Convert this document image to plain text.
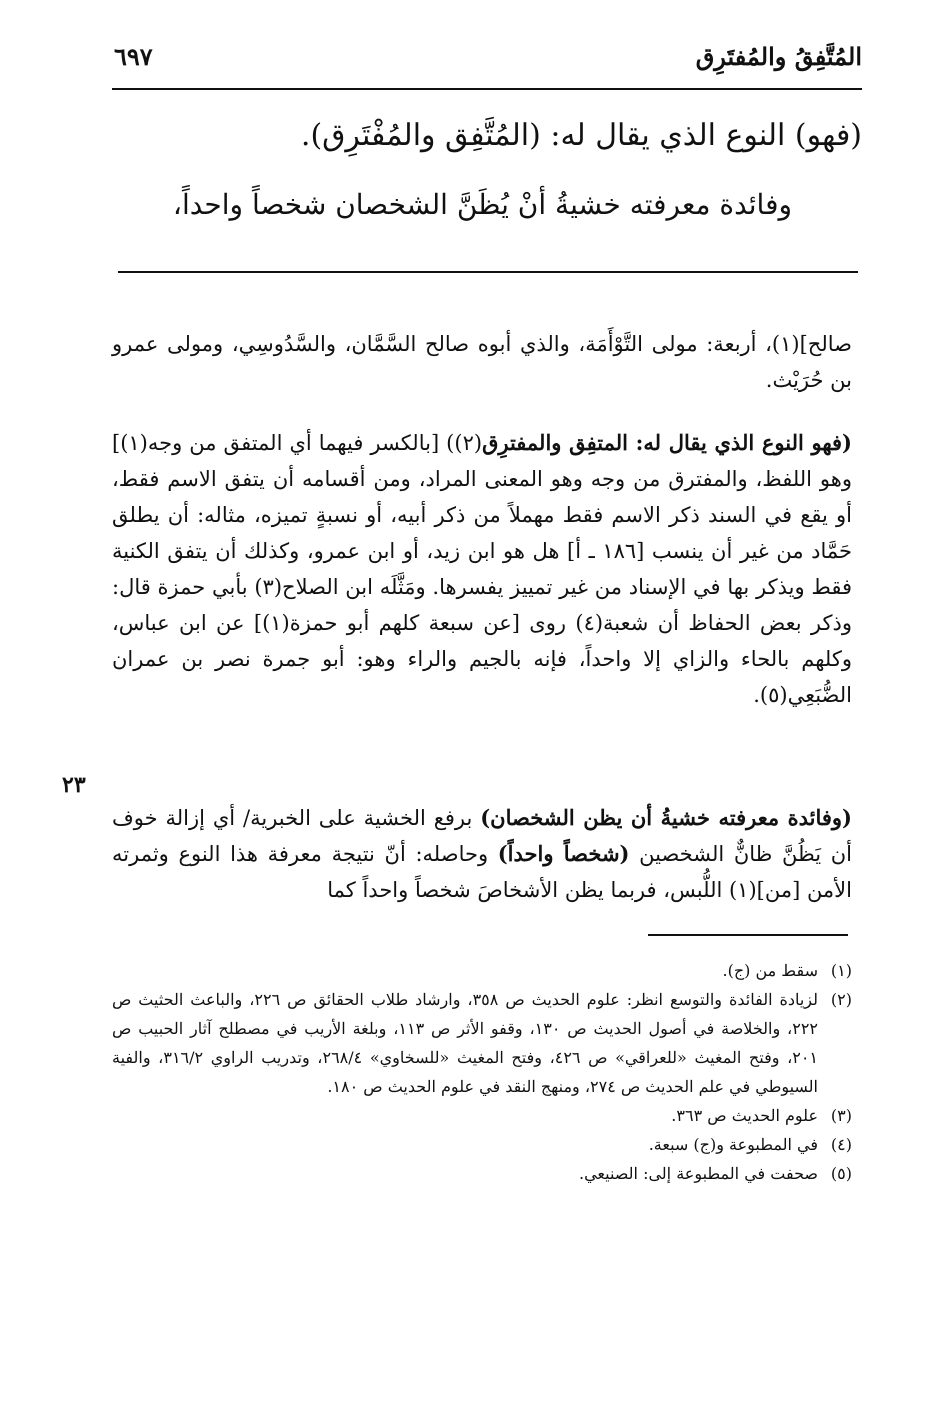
المُتَّفِقُ والمُفتَرِق
٦٩٧
(فهو) النوع الذي يقال له: (المُتَّفِق والمُفْتَرِق).
وفائدة معرفته خشيةُ أنْ يُظَنَّ الشخصان شخصاً واحداً،

صالح](١)، أربعة: مولى التَّوْأَمَة، والذي أبوه صالح السَّمَّان، والسَّدُوسِي، ومولى عمرو بن حُرَيْث.

(فهو النوع الذي يقال له: المتفِق والمفترِق(٢)) [بالكسر فيهما أي المتفق من وجه(١)] وهو اللفظ، والمفترق من وجه وهو المعنى المراد، ومن أقسامه أن يتفق الاسم فقط، أو يقع في السند ذكر الاسم فقط مهملاً من ذكر أبيه، أو نسبةٍ تميزه، مثاله: أن يطلق حَمَّاد من غير أن ينسب [١٨٦ ـ أ] هل هو ابن زيد، أو ابن عمرو، وكذلك أن يتفق الكنية فقط ويذكر بها في الإسناد من غير تمييز يفسرها. ومَثَّلَه ابن الصلاح(٣) بأبي حمزة قال: وذكر بعض الحفاظ أن شعبة(٤) روى [عن سبعة كلهم أبو حمزة(١)] عن ابن عباس، وكلهم بالحاء والزاي إلا واحداً، فإنه بالجيم والراء وهو: أبو جمرة نصر بن عمران الضُّبَعِي(٥).

٢٣

(وفائدة معرفته خشيةُ أن يظن الشخصان) برفع الخشية على الخبرية/ أي إزالة خوف أن يَظُنَّ ظانٌّ الشخصين (شخصاً واحداً) وحاصله: أنّ نتيجة معرفة هذا النوع وثمرته الأمن [من](١) اللُّبس، فربما يظن الأشخاصَ شخصاً واحداً كما

(١)
سقط من (ج).
(٢)
لزيادة الفائدة والتوسع انظر: علوم الحديث ص ٣٥٨، وارشاد طلاب الحقائق ص ٢٢٦، والباعث الحثيث ص ٢٢٢، والخلاصة في أصول الحديث ص ١٣٠، وقفو الأثر ص ١١٣، وبلغة الأريب في مصطلح آثار الحبيب ص ٢٠١، وفتح المغيث «للعراقي» ص ٤٢٦، وفتح المغيث «للسخاوي» ٢٦٨/٤، وتدريب الراوي ٣١٦/٢، والفية السيوطي في علم الحديث ص ٢٧٤، ومنهج النقد في علوم الحديث ص ١٨٠.
(٣)
علوم الحديث ص ٣٦٣.
(٤)
في المطبوعة و(ج) سبعة.
(٥)
صحفت في المطبوعة إلى: الصنيعي.
